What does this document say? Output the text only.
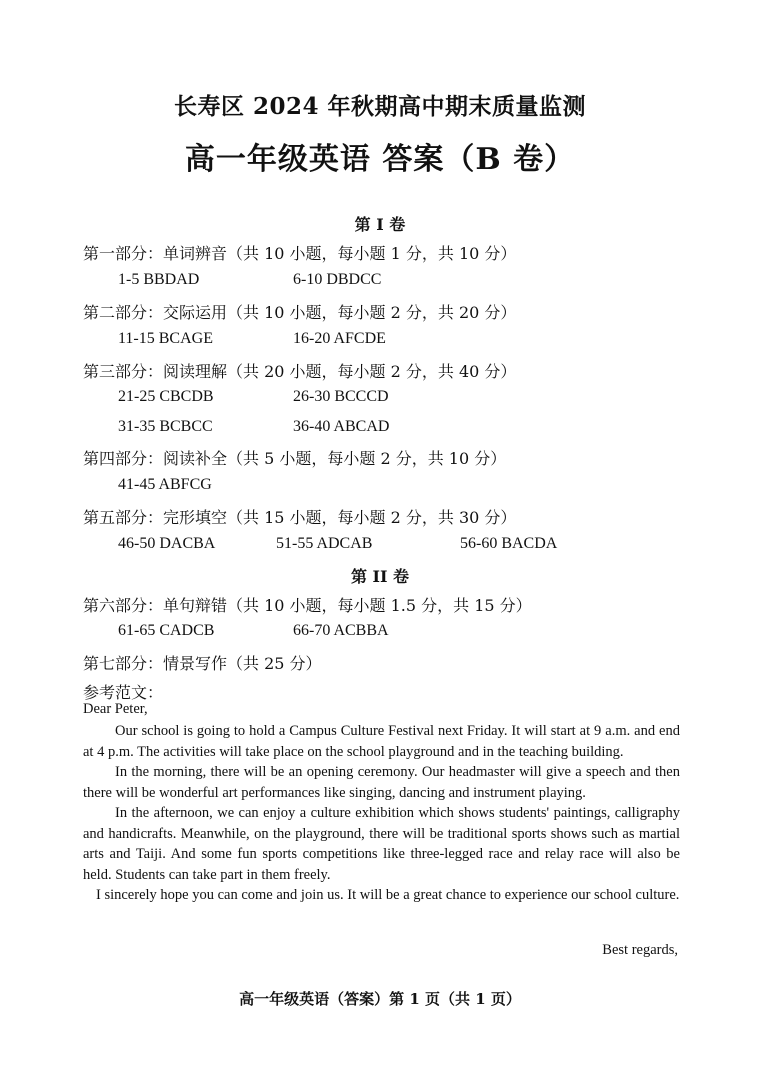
长寿区 2024 年秋期高中期末质量监测
高一年级英语 答案（B 卷）
第 I 卷
第一部分：单词辨音（共 10 小题，每小题 1 分，共 10 分）
1-5 BBDAD	6-10 DBDCC
第二部分：交际运用（共 10 小题，每小题 2 分，共 20 分）
11-15 BCAGE	16-20 AFCDE
第三部分：阅读理解（共 20 小题，每小题 2 分，共 40 分）
21-25 CBCDB	26-30 BCCCD
31-35 BCBCC	36-40 ABCAD
第四部分：阅读补全（共 5 小题，每小题 2 分，共 10 分）
41-45 ABFCG
第五部分：完形填空（共 15 小题，每小题 2 分，共 30 分）
46-50 DACBA	51-55 ADCAB	56-60 BACDA
第 II 卷
第六部分：单句辩错（共 10 小题，每小题 1.5 分，共 15 分）
61-65 CADCB	66-70 ACBBA
第七部分：情景写作（共 25 分）
参考范文：
Dear Peter,

Our school is going to hold a Campus Culture Festival next Friday. It will start at 9 a.m. and end at 4 p.m. The activities will take place on the school playground and in the teaching building.

In the morning, there will be an opening ceremony. Our headmaster will give a speech and then there will be wonderful art performances like singing, dancing and instrument playing.

In the afternoon, we can enjoy a culture exhibition which shows students' paintings, calligraphy and handicrafts. Meanwhile, on the playground, there will be traditional sports shows such as martial arts and Taiji. And some fun sports competitions like three-legged race and relay race will also be held. Students can take part in them freely.

I sincerely hope you can come and join us. It will be a great chance to experience our school culture.

Best regards,
高一年级英语（答案）第 1 页（共 1 页）
